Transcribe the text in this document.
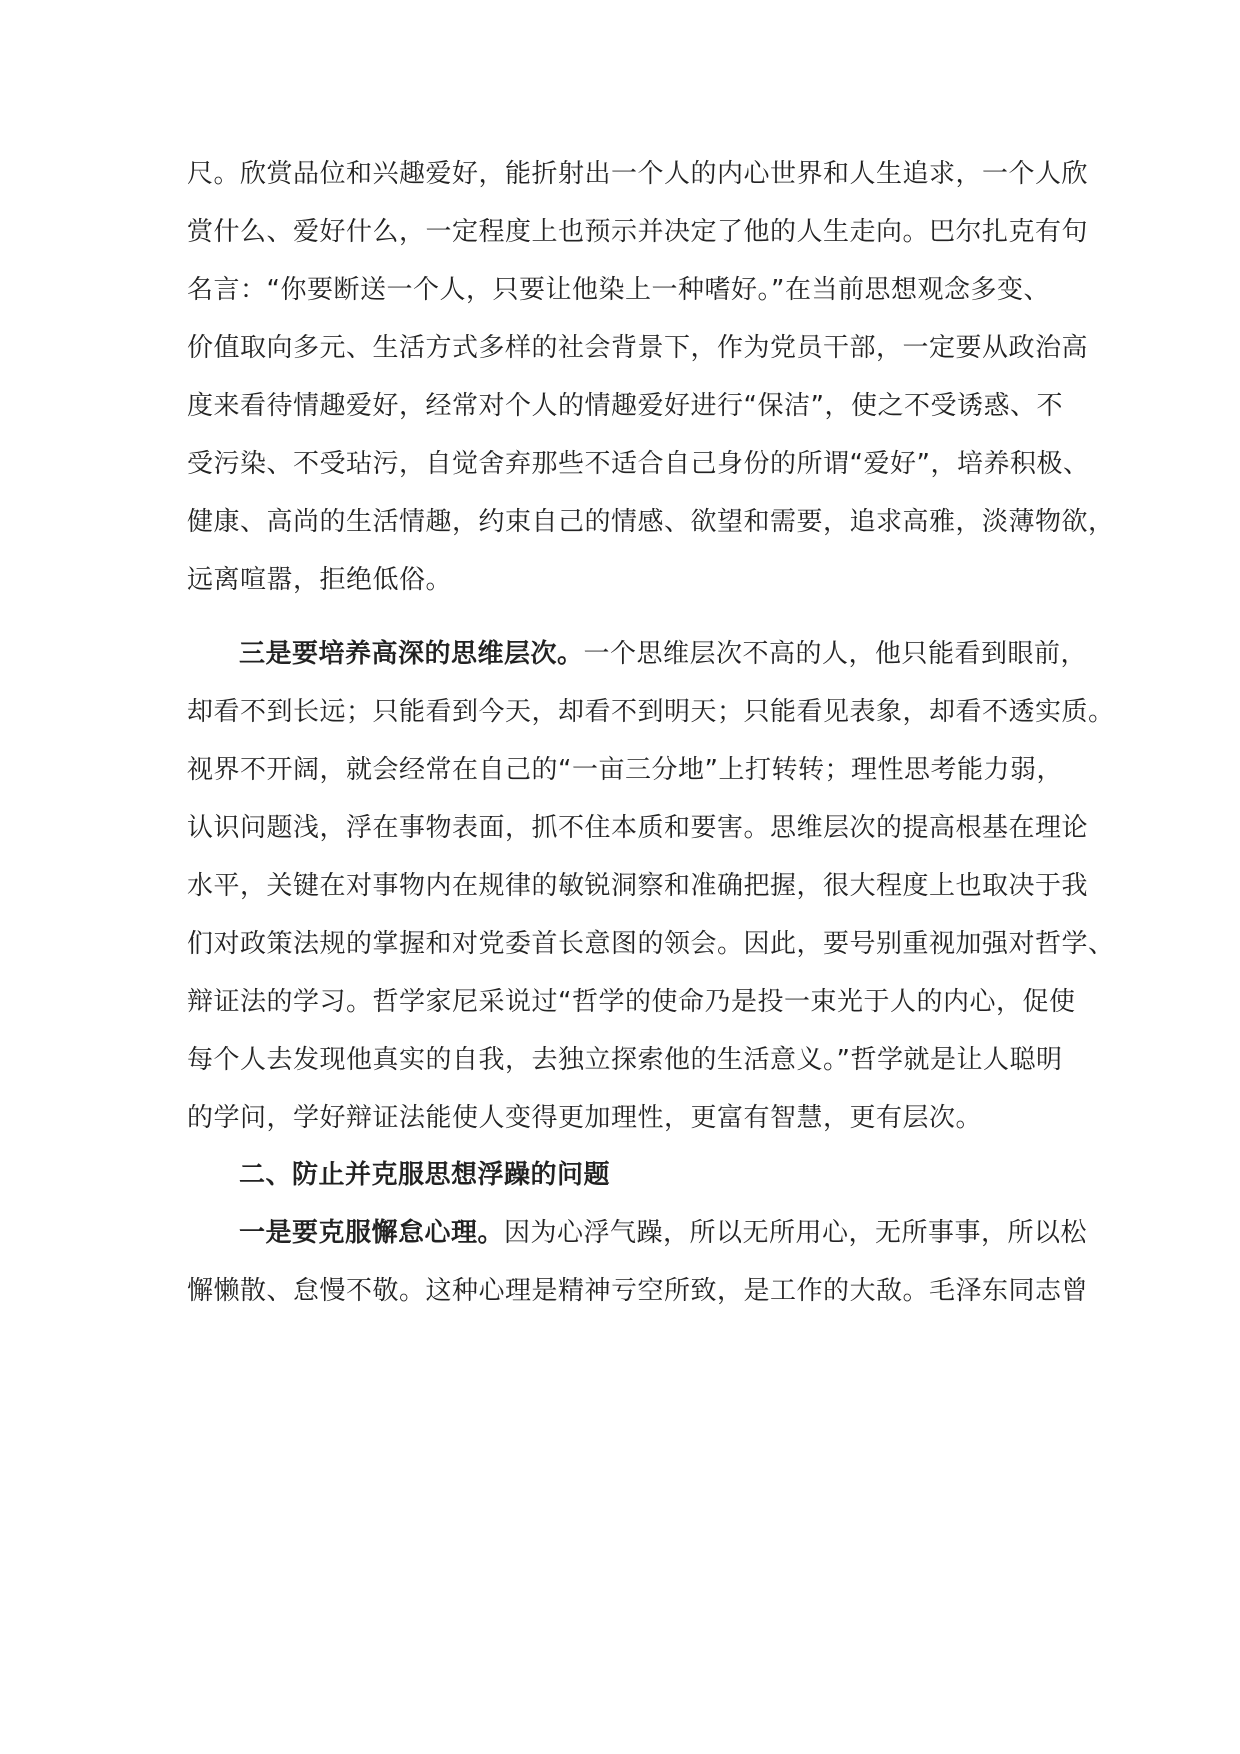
尺。欣赏品位和兴趣爱好，能折射出一个人的内心世界和人生追求，一个人欣
赏什么、爱好什么，一定程度上也预示并决定了他的人生走向。巴尔扎克有句
名言：“你要断送一个人，只要让他染上一种嗜好。”在当前思想观念多变、
价值取向多元、生活方式多样的社会背景下，作为党员干部，一定要从政治高
度来看待情趣爱好，经常对个人的情趣爱好进行“保洁”，使之不受诱惑、不
受污染、不受玷污，自觉舍弃那些不适合自己身份的所谓“爱好”，培养积极、
健康、高尚的生活情趣，约束自己的情感、欲望和需要，追求高雅，淡薄物欲，
远离喧嚣，拒绝低俗。
三是要培养高深的思维层次。一个思维层次不高的人，他只能看到眼前，
却看不到长远；只能看到今天，却看不到明天；只能看见表象，却看不透实质。
视界不开阔，就会经常在自己的“一亩三分地”上打转转；理性思考能力弱，
认识问题浅，浮在事物表面，抓不住本质和要害。思维层次的提高根基在理论
水平，关键在对事物内在规律的敏锐洞察和准确把握，很大程度上也取决于我
们对政策法规的掌握和对党委首长意图的领会。因此，要号别重视加强对哲学、
辩证法的学习。哲学家尼采说过“哲学的使命乃是投一束光于人的内心，促使
每个人去发现他真实的自我，去独立探索他的生活意义。”哲学就是让人聪明
的学问，学好辩证法能使人变得更加理性，更富有智慧，更有层次。
二、防止并克服思想浮躁的问题
一是要克服懈怠心理。因为心浮气躁，所以无所用心，无所事事，所以松
懈懒散、怠慢不敬。这种心理是精神亏空所致，是工作的大敌。毛泽东同志曾
